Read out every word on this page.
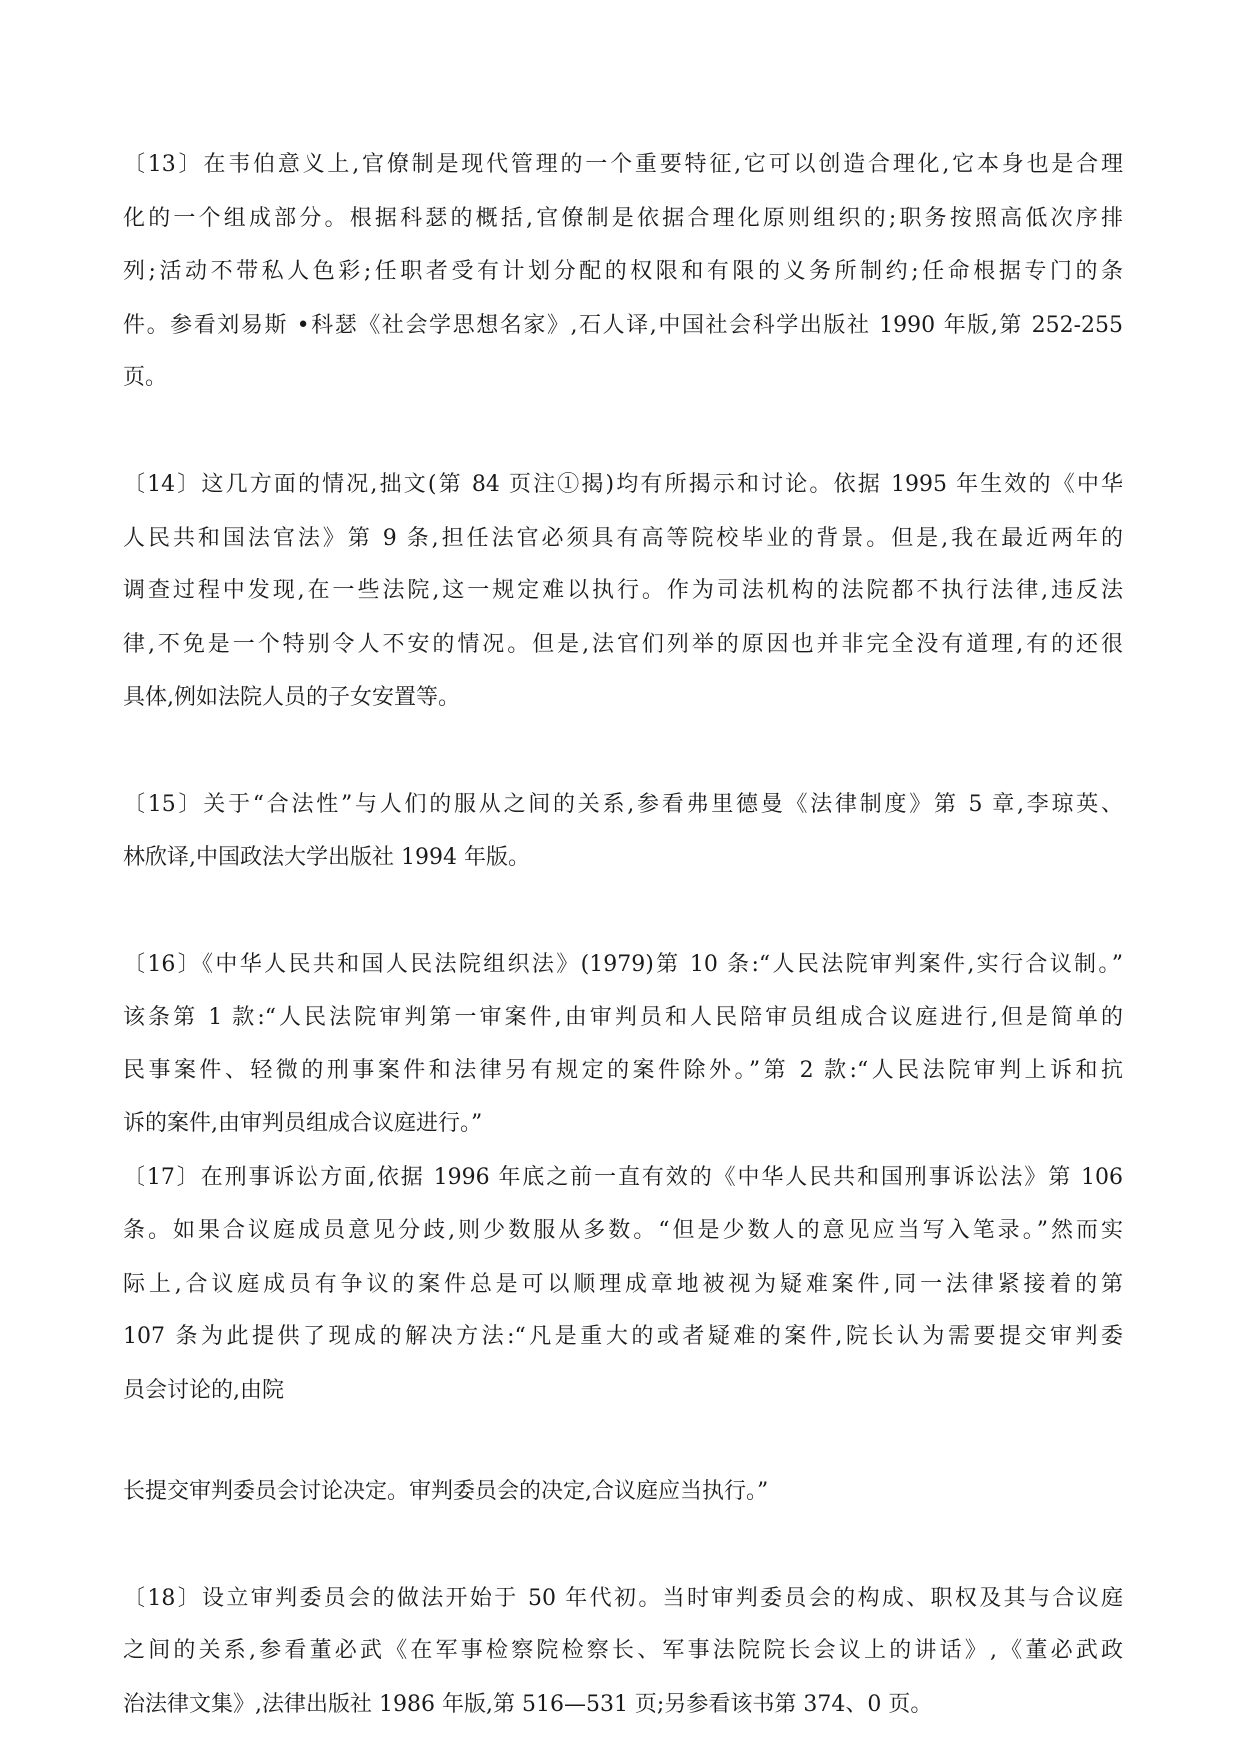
〔13〕在韦伯意义上,官僚制是现代管理的一个重要特征,它可以创造合理化,它本身也是合理
化的一个组成部分。根据科瑟的概括,官僚制是依据合理化原则组织的;职务按照高低次序排
列;活动不带私人色彩;任职者受有计划分配的权限和有限的义务所制约;任命根据专门的条
件。参看刘易斯 •科瑟《社会学思想名家》,石人译,中国社会科学出版社 1990 年版,第 252-255
页。
〔14〕这几方面的情况,拙文(第 84 页注①揭)均有所揭示和讨论。依据 1995 年生效的《中华
人民共和国法官法》第 9 条,担任法官必须具有高等院校毕业的背景。但是,我在最近两年的
调查过程中发现,在一些法院,这一规定难以执行。作为司法机构的法院都不执行法律,违反法
律,不免是一个特别令人不安的情况。但是,法官们列举的原因也并非完全没有道理,有的还很
具体,例如法院人员的子女安置等。
〔15〕关于“合法性”与人们的服从之间的关系,参看弗里德曼《法律制度》第 5 章,李琼英、
林欣译,中国政法大学出版社 1994 年版。
〔16〕《中华人民共和国人民法院组织法》(1979)第 10 条:“人民法院审判案件,实行合议制。”
该条第 1 款:“人民法院审判第一审案件,由审判员和人民陪审员组成合议庭进行,但是简单的
民事案件、轻微的刑事案件和法律另有规定的案件除外。”第 2 款:“人民法院审判上诉和抗
诉的案件,由审判员组成合议庭进行。”
〔17〕在刑事诉讼方面,依据 1996 年底之前一直有效的《中华人民共和国刑事诉讼法》第 106
条。如果合议庭成员意见分歧,则少数服从多数。“但是少数人的意见应当写入笔录。”然而实
际上,合议庭成员有争议的案件总是可以顺理成章地被视为疑难案件,同一法律紧接着的第
107 条为此提供了现成的解决方法:“凡是重大的或者疑难的案件,院长认为需要提交审判委
员会讨论的,由院
长提交审判委员会讨论决定。审判委员会的决定,合议庭应当执行。”
〔18〕设立审判委员会的做法开始于 50 年代初。当时审判委员会的构成、职权及其与合议庭
之间的关系,参看董必武《在军事检察院检察长、军事法院院长会议上的讲话》,《董必武政
治法律文集》,法律出版社 1986 年版,第 516—531 页;另参看该书第 374、0 页。
